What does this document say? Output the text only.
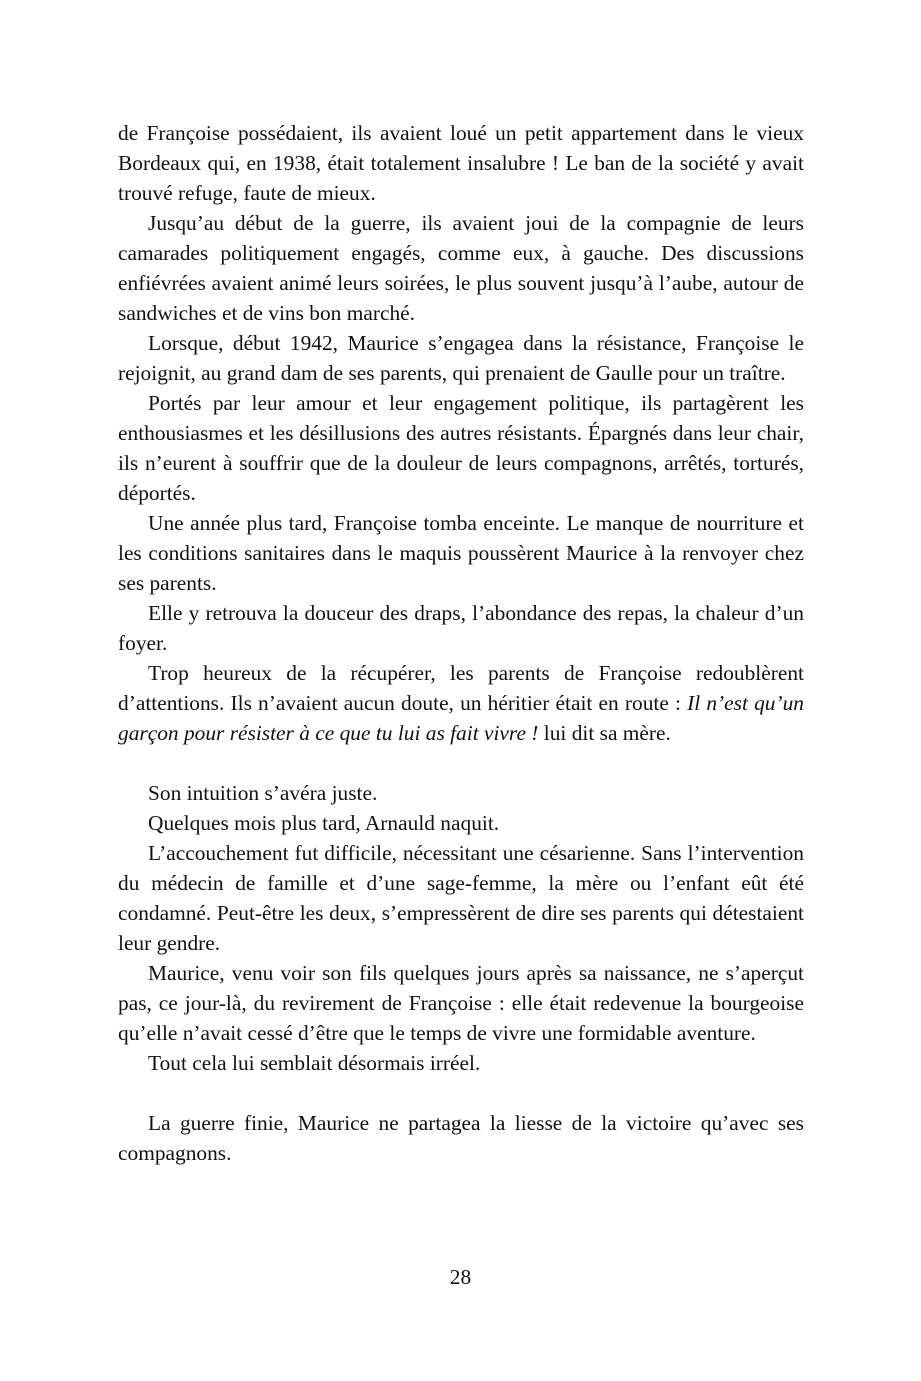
de Françoise possédaient, ils avaient loué un petit appartement dans le vieux Bordeaux qui, en 1938, était totalement insalubre ! Le ban de la société y avait trouvé refuge, faute de mieux.

Jusqu’au début de la guerre, ils avaient joui de la compagnie de leurs camarades politiquement engagés, comme eux, à gauche. Des discussions enfiévrées avaient animé leurs soirées, le plus souvent jusqu’à l’aube, autour de sandwiches et de vins bon marché.

Lorsque, début 1942, Maurice s’engagea dans la résistance, Françoise le rejoignit, au grand dam de ses parents, qui prenaient de Gaulle pour un traître.

Portés par leur amour et leur engagement politique, ils partagèrent les enthousiasmes et les désillusions des autres résistants. Épargnés dans leur chair, ils n’eurent à souffrir que de la douleur de leurs compagnons, arrêtés, torturés, déportés.

Une année plus tard, Françoise tomba enceinte. Le manque de nourriture et les conditions sanitaires dans le maquis poussèrent Maurice à la renvoyer chez ses parents.

Elle y retrouva la douceur des draps, l’abondance des repas, la chaleur d’un foyer.

Trop heureux de la récupérer, les parents de Françoise redoublèrent d’attentions. Ils n’avaient aucun doute, un héritier était en route : Il n’est qu’un garçon pour résister à ce que tu lui as fait vivre ! lui dit sa mère.

Son intuition s’avéra juste.

Quelques mois plus tard, Arnauld naquit.

L’accouchement fut difficile, nécessitant une césarienne. Sans l’intervention du médecin de famille et d’une sage-femme, la mère ou l’enfant eût été condamné. Peut-être les deux, s’empressèrent de dire ses parents qui détestaient leur gendre.

Maurice, venu voir son fils quelques jours après sa naissance, ne s’aperçut pas, ce jour-là, du revirement de Françoise : elle était redevenue la bourgeoise qu’elle n’avait cessé d’être que le temps de vivre une formidable aventure.

Tout cela lui semblait désormais irréel.

La guerre finie, Maurice ne partagea la liesse de la victoire qu’avec ses compagnons.

28
